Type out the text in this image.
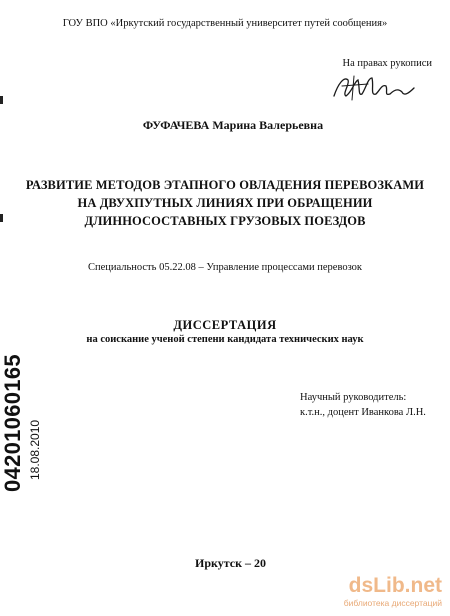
ГОУ ВПО «Иркутский государственный университет путей сообщения»
На правах рукописи
ФУФАЧЕВА Марина Валерьевна
РАЗВИТИЕ МЕТОДОВ ЭТАПНОГО ОВЛАДЕНИЯ ПЕРЕВОЗКАМИ
НА ДВУХПУТНЫХ ЛИНИЯХ ПРИ ОБРАЩЕНИИ
ДЛИННОСОСТАВНЫХ ГРУЗОВЫХ ПОЕЗДОВ
Специальность 05.22.08 – Управление процессами перевозок
ДИССЕРТАЦИЯ
на соискание ученой степени кандидата технических наук
Научный руководитель:
к.т.н., доцент Иванкова Л.Н.
Иркутск – 20
04201060165 18.08.2010
dsLib.net
библиотека диссертаций
